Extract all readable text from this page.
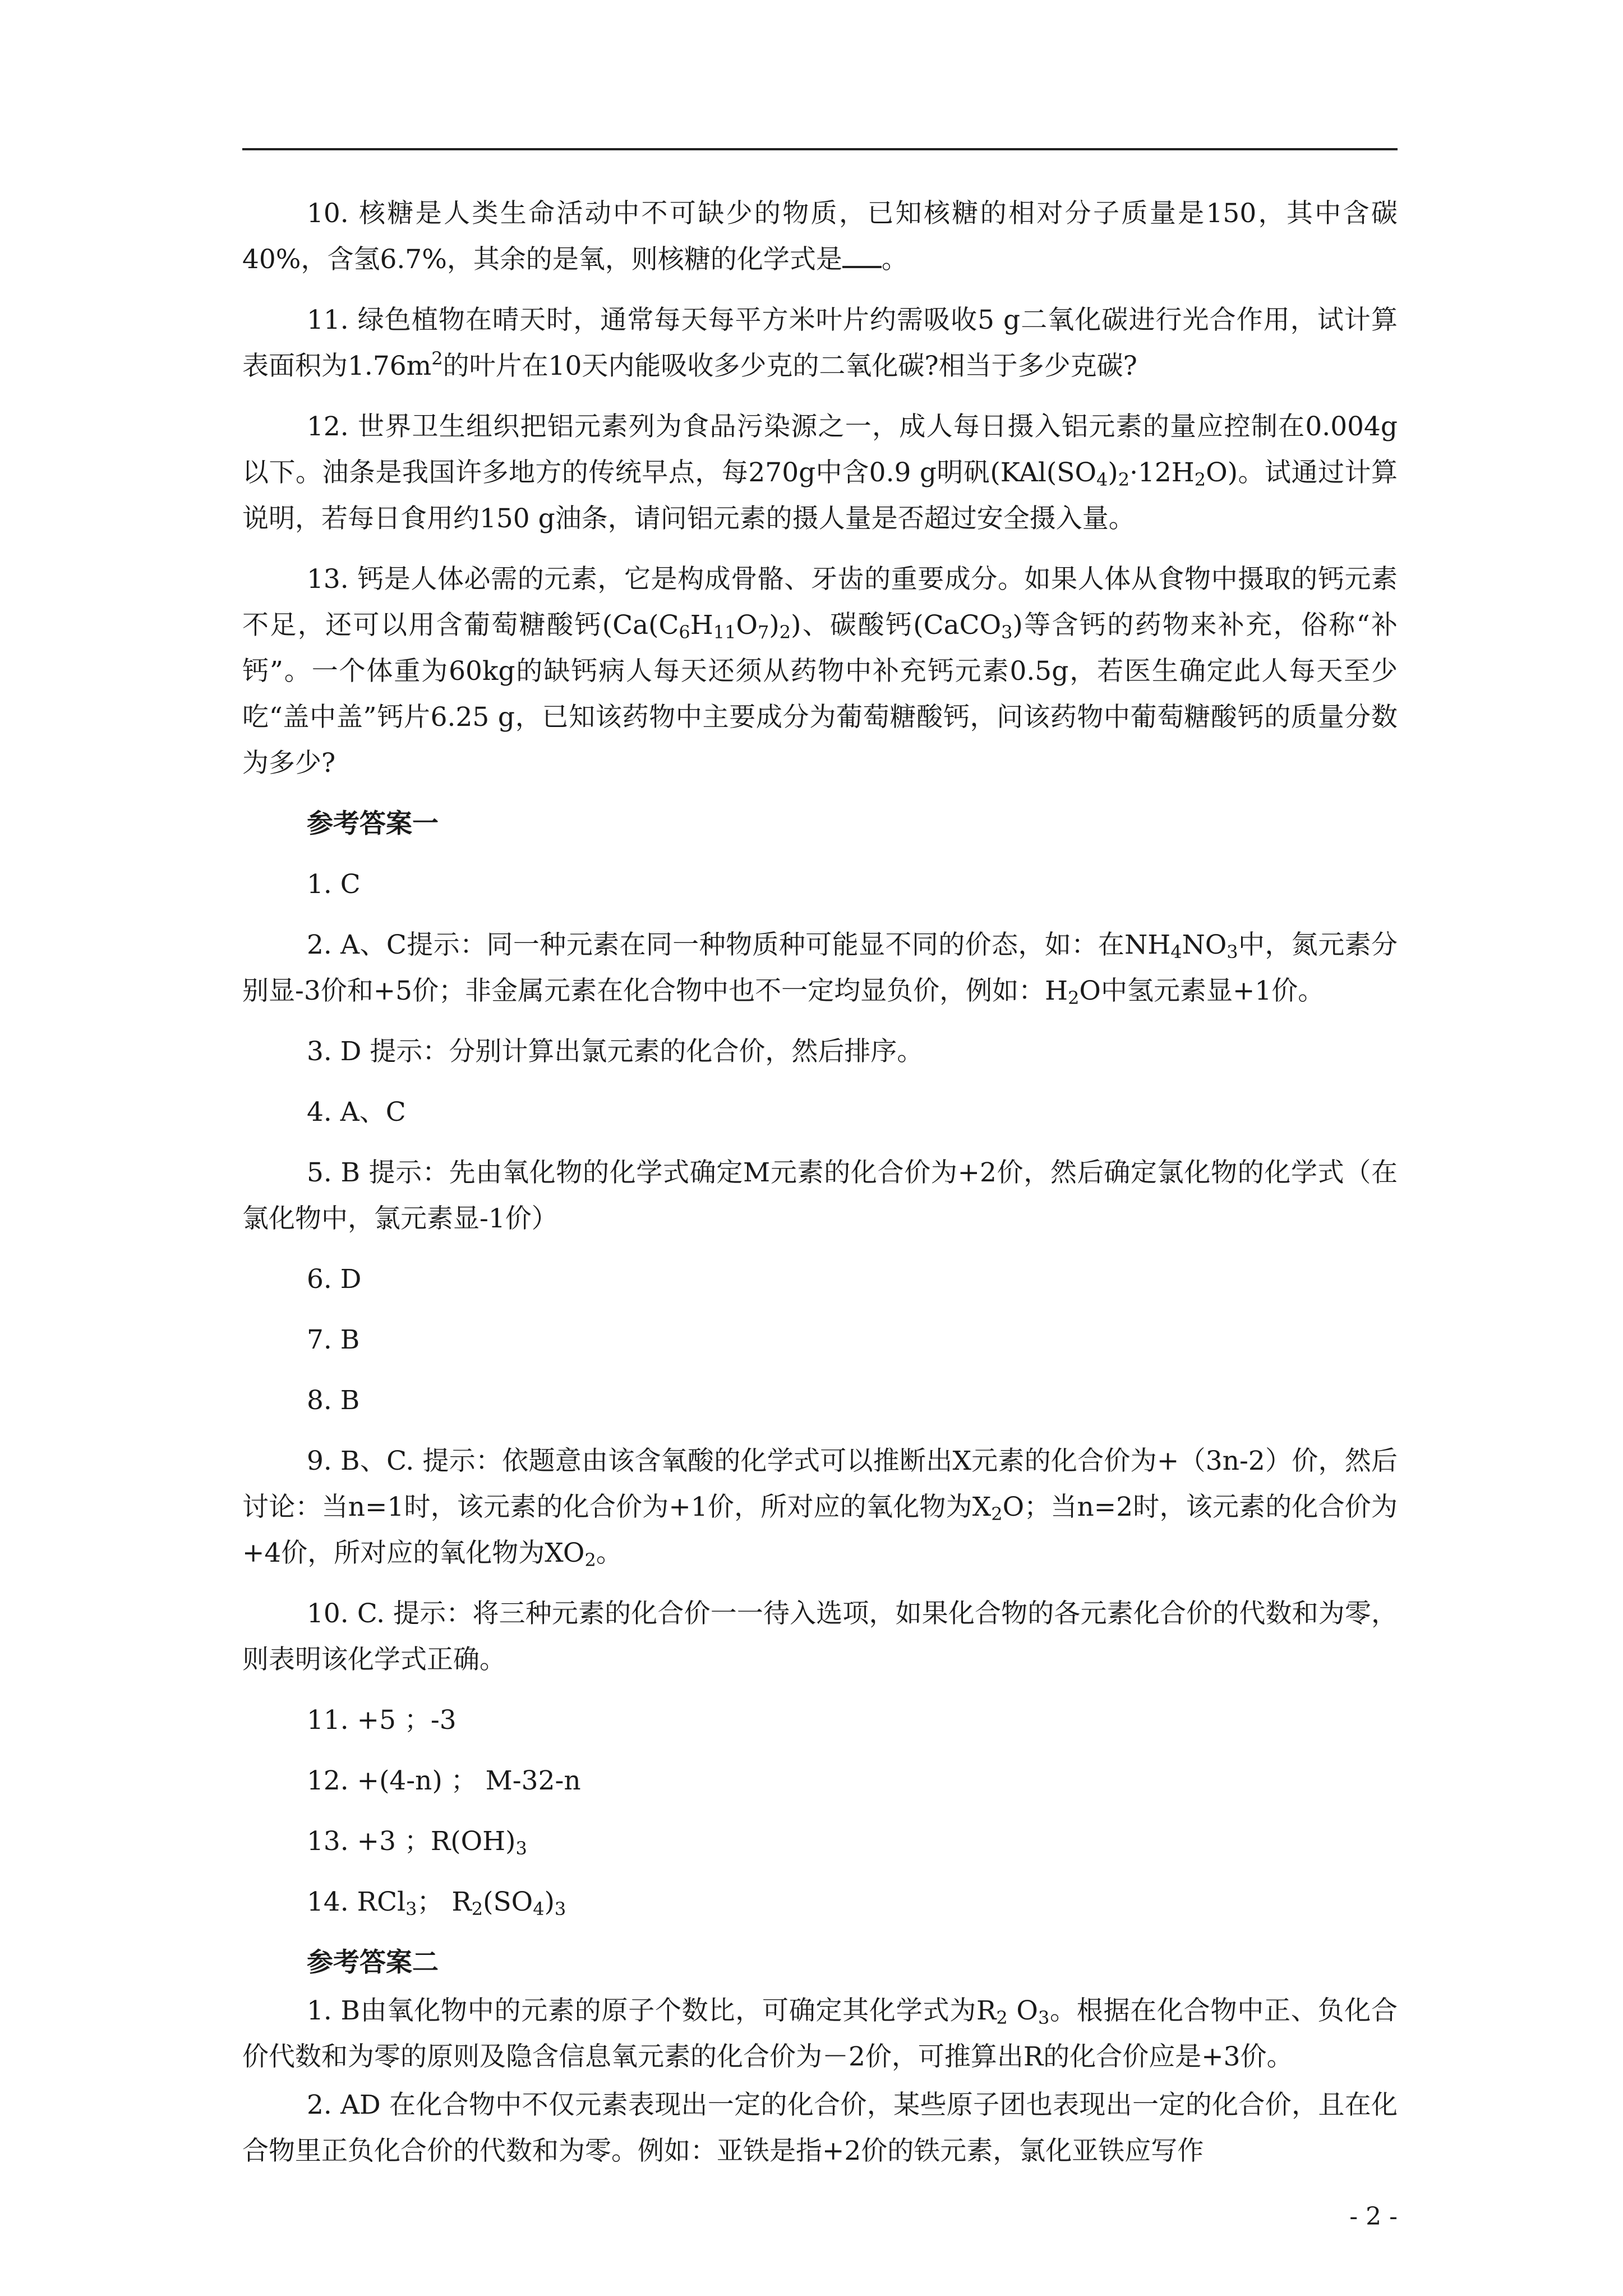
10. 核糖是人类生命活动中不可缺少的物质，已知核糖的相对分子质量是150，其中含碳40%，含氢6.7%，其余的是氧，则核糖的化学式是 。

11. 绿色植物在晴天时，通常每天每平方米叶片约需吸收5 g二氧化碳进行光合作用，试计算表面积为$1.76m^2$的叶片在10天内能吸收多少克的二氧化碳?相当于多少克碳?

12. 世界卫生组织把铝元素列为食品污染源之一，成人每日摄入铝元素的量应控制在0.004g以下。油条是我国许多地方的传统早点，每270g中含0.9 g明矾$(KAl(SO_4)_2\cdot 12H_2O)$。试通过计算说明，若每日食用约150 g油条，请问铝元素的摄人量是否超过安全摄入量。

13. 钙是人体必需的元素，它是构成骨骼、牙齿的重要成分。如果人体从食物中摄取的钙元素不足，还可以用含葡萄糖酸钙$(Ca(C_6H_{11}O_7)_2)$、碳酸钙(CaCO$_3$)等含钙的药物来补充，俗称“补钙”。一个体重为60kg的缺钙病人每天还须从药物中补充钙元素0.5g，若医生确定此人每天至少吃“盖中盖”钙片6.25 g，已知该药物中主要成分为葡萄糖酸钙，问该药物中葡萄糖酸钙的质量分数为多少?

参考答案一

1. C

2. A、C提示：同一种元素在同一种物质种可能显不同的价态，如：在$NH_4NO_3$中，氮元素分别显-3价和+5价；非金属元素在化合物中也不一定均显负价，例如：$H_2O$中氢元素显+1价。

3. D 提示：分别计算出氯元素的化合价，然后排序。

4. A、C

5. B 提示：先由氧化物的化学式确定M元素的化合价为+2价，然后确定氯化物的化学式（在氯化物中，氯元素显-1价）

6. D

7. B

8. B

9. B、C. 提示：依题意由该含氧酸的化学式可以推断出X元素的化合价为+（3n-2）价，然后讨论：当n=1时，该元素的化合价为+1价，所对应的氧化物为$X_2O$；当n=2时，该元素的化合价为+4价，所对应的氧化物为$XO_2$。

10. C. 提示：将三种元素的化合价一一待入选项，如果化合物的各元素化合价的代数和为零，则表明该化学式正确。

11. +5 ；-3

12. +(4-n) ； M-32-n

13. +3 ；$R(OH)_3$

14. RCl$_3$； $R_2(SO_4)_3$

参考答案二

1. B由氧化物中的元素的原子个数比，可确定其化学式为$R_2$ $O_3$。根据在化合物中正、负化合价代数和为零的原则及隐含信息氧元素的化合价为－2价，可推算出R的化合价应是+3价。

2. AD 在化合物中不仅元素表现出一定的化合价，某些原子团也表现出一定的化合价，且在化合物里正负化合价的代数和为零。例如：亚铁是指+2价的铁元素，氯化亚铁应写作

- 2 -
